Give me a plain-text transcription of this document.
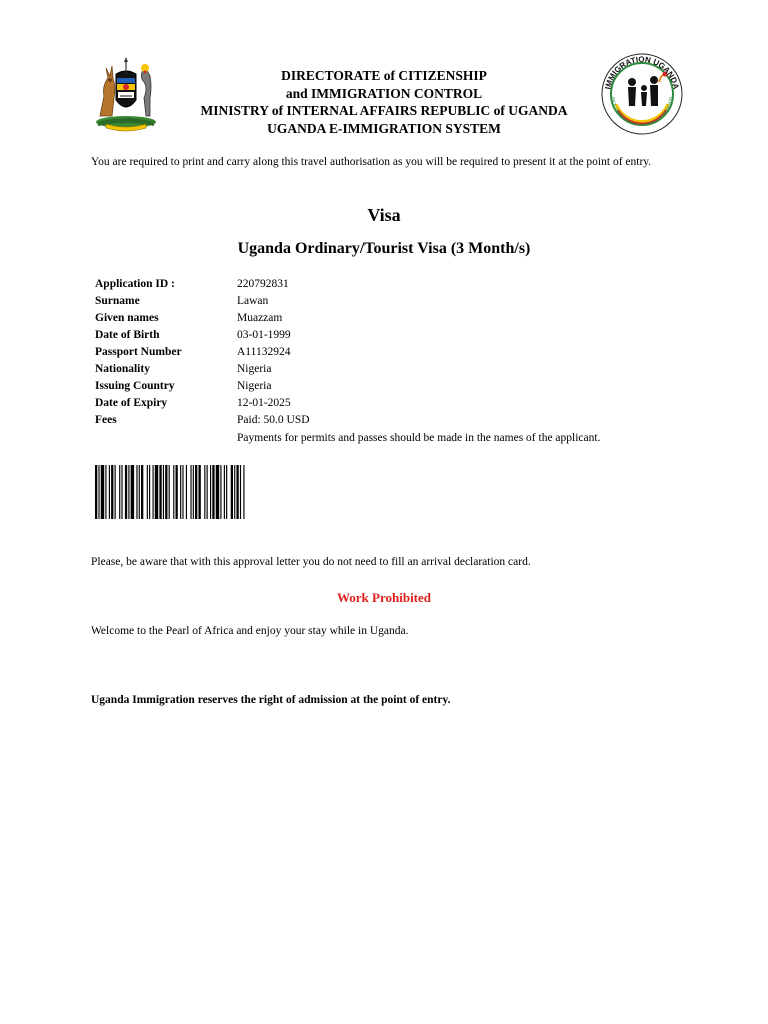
IMMIGRATION UGANDA
FACILITATING LEGAL & ORDERLY IMMIGRATION
DIRECTORATE of CITIZENSHIP
and IMMIGRATION CONTROL
MINISTRY of INTERNAL AFFAIRS REPUBLIC of UGANDA
UGANDA E-IMMIGRATION SYSTEM
You are required to print and carry along this travel authorisation as you will be required to present it at the point of entry.
Visa
Uganda Ordinary/Tourist Visa (3 Month/s)
Application ID :	220792831
Surname	Lawan
Given names	Muazzam
Date of Birth	03-01-1999
Passport Number	A11132924
Nationality	Nigeria
Issuing Country	Nigeria
Date of Expiry	12-01-2025
Fees	Paid: 50.0 USD
Payments for permits and passes should be made in the names of the applicant.
Please, be aware that with this approval letter you do not need to fill an arrival declaration card.
Work Prohibited
Welcome to the Pearl of Africa and enjoy your stay while in Uganda.
Uganda Immigration reserves the right of admission at the point of entry.
